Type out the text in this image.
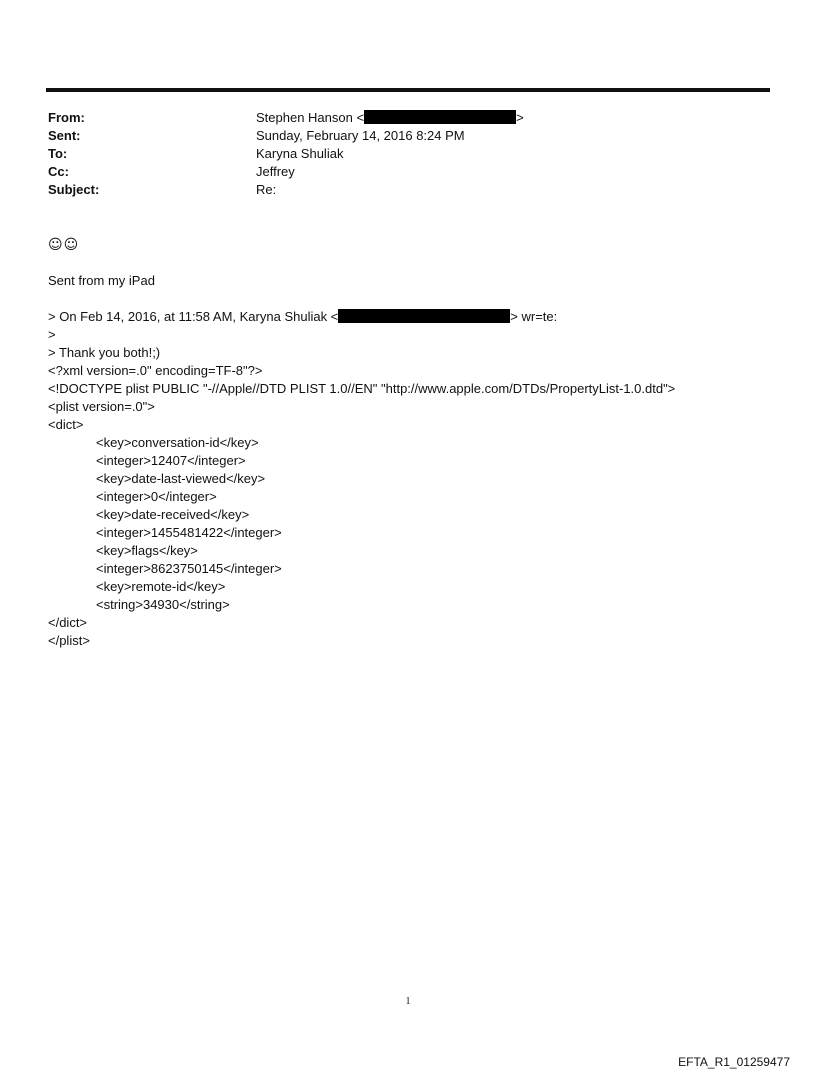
From:	Stephen Hanson <	>
Sent:	Sunday, February 14, 2016 8:24 PM
To:	Karyna Shuliak
Cc:	Jeffrey
Subject:	Re:
☺☺
Sent from my iPad
> On Feb 14, 2016, at 11:58 AM, Karyna Shuliak <	> wr=te:
>
> Thank you both!;)
<?xml version=.0" encoding=TF-8"?>
<!DOCTYPE plist PUBLIC "-//Apple//DTD PLIST 1.0//EN" "http://www.apple.com/DTDs/PropertyList-1.0.dtd">
<plist version=.0">
<dict>
<key>conversation-id</key>
<integer>12407</integer>
<key>date-last-viewed</key>
<integer>0</integer>
<key>date-received</key>
<integer>1455481422</integer>
<key>flags</key>
<integer>8623750145</integer>
<key>remote-id</key>
<string>34930</string>
</dict>
</plist>
1
EFTA_R1_01259477
